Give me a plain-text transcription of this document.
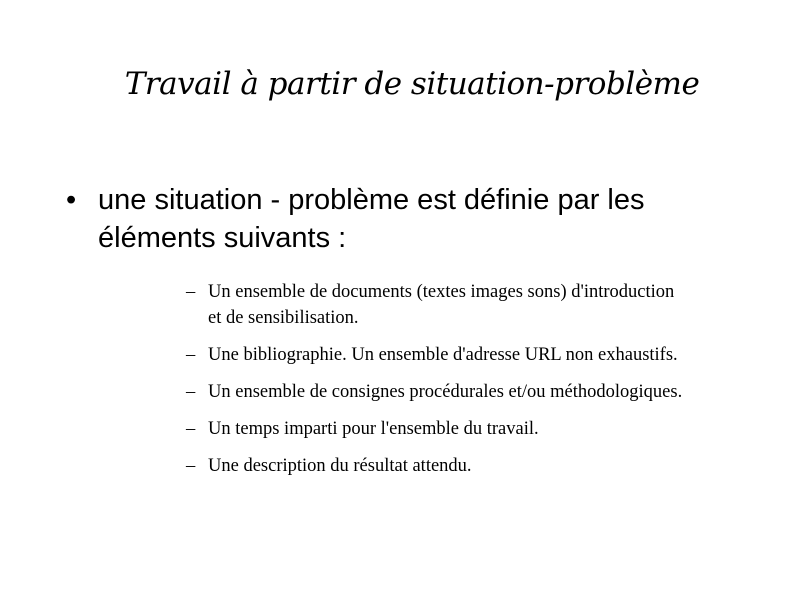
Travail à partir de situation-problème
• une situation - problème est définie par les éléments suivants :
– Un ensemble de documents (textes images sons) d'introduction et de sensibilisation.
– Une bibliographie. Un ensemble d'adresse URL non exhaustifs.
– Un ensemble de consignes procédurales et/ou méthodologiques.
– Un temps imparti pour l'ensemble du travail.
– Une description du résultat attendu.
